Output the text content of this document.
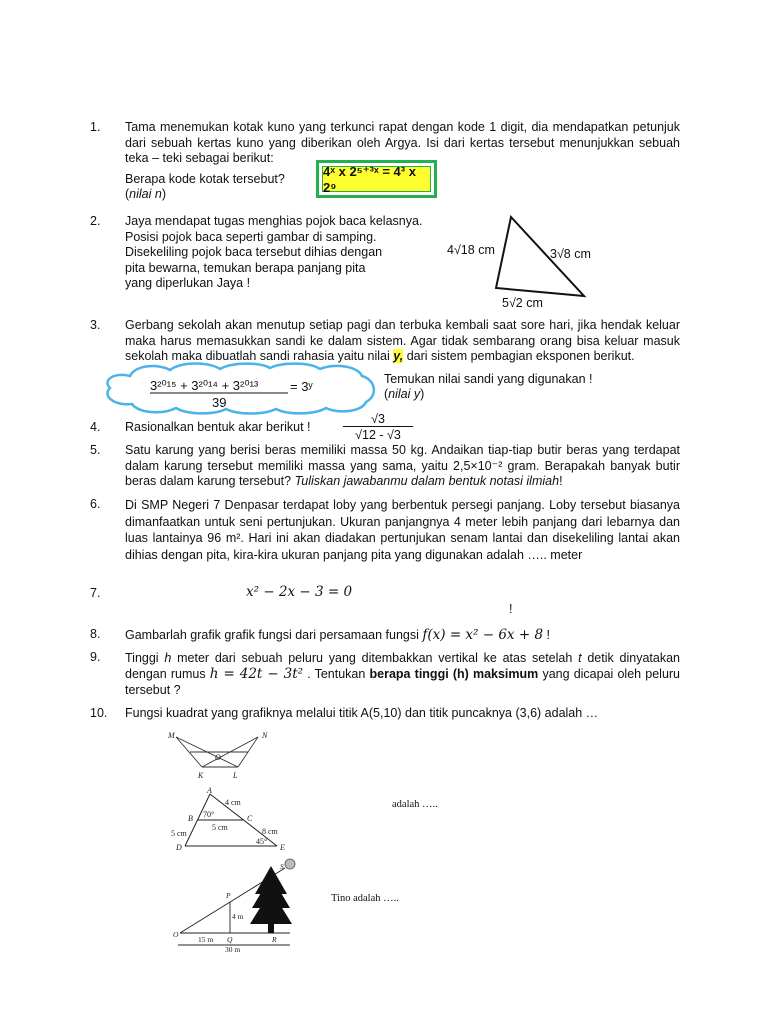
1.	Tama menemukan kotak kuno yang terkunci rapat dengan kode 1 digit, dia mendapatkan petunjuk dari sebuah kertas kuno yang diberikan oleh Argya. Isi dari kertas tersebut menunjukkan sebuah teka – teki sebagai berikut:
Berapa kode kotak tersebut?
(nilai n)
4ˣ x 2⁵⁺³ˣ = 4³ x 2⁹
2.	Jaya mendapat tugas menghias pojok baca kelasnya.
Posisi pojok baca seperti gambar di samping.
Disekeliling pojok baca tersebut dihias dengan
pita bewarna, temukan berapa panjang pita
yang diperlukan Jaya !
4√18 cm	3√8 cm
5√2 cm
3.	Gerbang sekolah akan menutup setiap pagi dan terbuka kembali saat sore hari, jika hendak keluar maka harus memasukkan sandi ke dalam sistem. Agar tidak sembarang orang bisa keluar masuk sekolah maka dibuatlah sandi rahasia yaitu nilai y, dari sistem pembagian eksponen berikut.
3²⁰¹⁵ + 3²⁰¹⁴ + 3²⁰¹³
39
= 3ʸ	Temukan nilai sandi yang digunakan !
(nilai y)
4.	Rasionalkan bentuk akar berikut !	$\frac{√3}{√12 - √3}$
5.	Satu karung yang berisi beras memiliki massa 50 kg. Andaikan tiap-tiap butir beras yang terdapat dalam karung tersebut memiliki massa yang sama, yaitu 2,5×10⁻² gram. Berapakah banyak butir beras dalam karung tersebut? Tuliskan jawabanmu dalam bentuk notasi ilmiah!
6.	Di SMP Negeri 7 Denpasar terdapat loby yang berbentuk persegi panjang. Loby tersebut biasanya dimanfaatkan untuk seni pertunjukan. Ukuran panjangnya 4 meter lebih panjang dari lebarnya dan luas lantainya 96 m². Hari ini akan diadakan pertunjukan senam lantai dan disekeliling lantai akan dihias dengan pita, kira-kira ukuran panjang pita yang digunakan adalah ….. meter
7.	x² − 2x − 3 = 0
!
8.	Gambarlah grafik grafik fungsi dari persamaan fungsi f(x) = x² − 6x + 8 !
9.	Tinggi h meter dari sebuah peluru yang ditembakkan vertikal ke atas setelah t detik dinyatakan dengan rumus h = 42t − 3t² . Tentukan berapa tinggi (h) maksimum yang dicapai oleh peluru tersebut ?
10.	Fungsi kuadrat yang grafiknya melalui titik A(5,10) dan titik puncaknya (3,6) adalah …
M	N
O
K	L
A
B	C
D	E
4 cm
70°
5 cm
5 cm	8 cm
45°
adalah …..
S
P
O
Q	R
4 m
15 m
30 m
Tino adalah …..
